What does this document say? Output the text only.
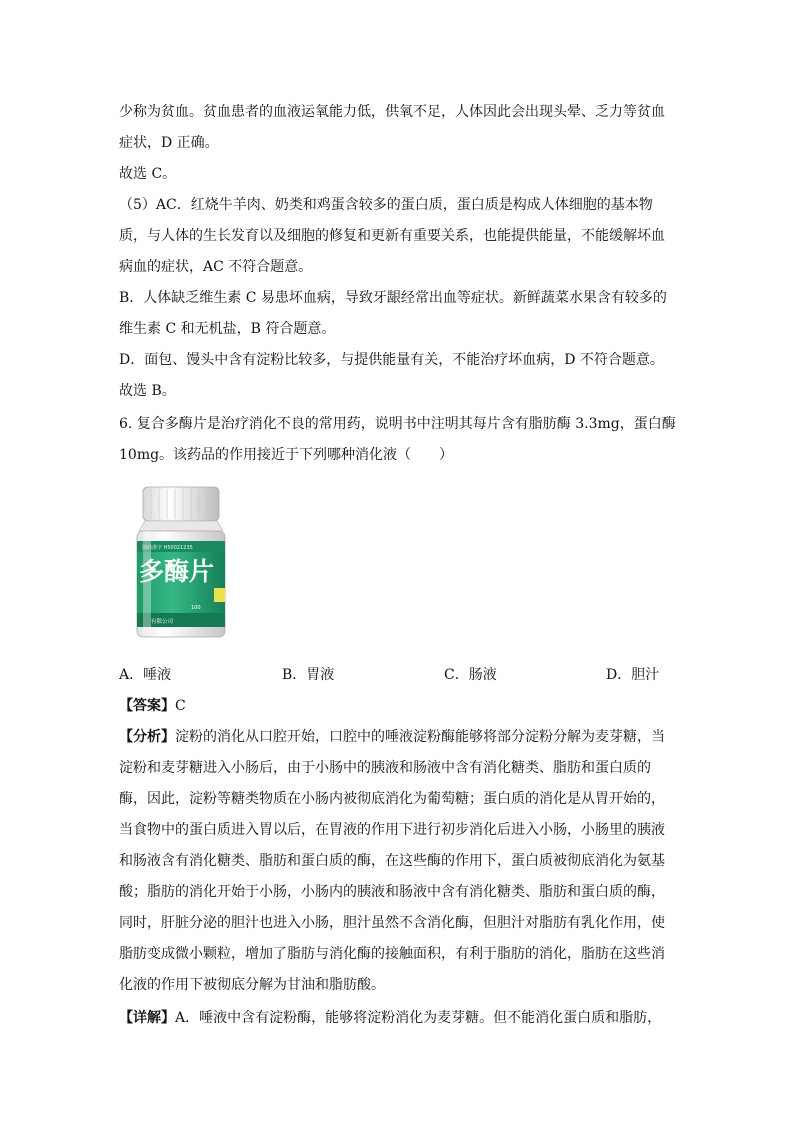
少称为贫血。贫血患者的血液运氧能力低，供氧不足，人体因此会出现头晕、乏力等贫血
症状，D 正确。
故选 C。
（5）AC．红烧牛羊肉、奶类和鸡蛋含较多的蛋白质，蛋白质是构成人体细胞的基本物
质，与人体的生长发育以及细胞的修复和更新有重要关系，也能提供能量，不能缓解坏血
病血的症状，AC 不符合题意。
B．人体缺乏维生素 C 易患坏血病，导致牙龈经常出血等症状。新鲜蔬菜水果含有较多的
维生素 C 和无机盐，B 符合题意。
D．面包、馒头中含有淀粉比较多，与提供能量有关，不能治疗坏血病，D 不符合题意。
故选 B。
6. 复合多酶片是治疗消化不良的常用药，说明书中注明其每片含有脂肪酶 3.3mg，蛋白酶
10mg。该药品的作用接近于下列哪种消化液（　　）
国药准字 H50021235
多酶片
100
有限公司
A．唾液	B．胃液	C．肠液	D．胆汁
【答案】C
【分析】淀粉的消化从口腔开始，口腔中的唾液淀粉酶能够将部分淀粉分解为麦芽糖，当
淀粉和麦芽糖进入小肠后，由于小肠中的胰液和肠液中含有消化糖类、脂肪和蛋白质的
酶，因此，淀粉等糖类物质在小肠内被彻底消化为葡萄糖；蛋白质的消化是从胃开始的，
当食物中的蛋白质进入胃以后，在胃液的作用下进行初步消化后进入小肠，小肠里的胰液
和肠液含有消化糖类、脂肪和蛋白质的酶，在这些酶的作用下，蛋白质被彻底消化为氨基
酸；脂肪的消化开始于小肠，小肠内的胰液和肠液中含有消化糖类、脂肪和蛋白质的酶，
同时，肝脏分泌的胆汁也进入小肠，胆汁虽然不含消化酶，但胆汁对脂肪有乳化作用，使
脂肪变成微小颗粒，增加了脂肪与消化酶的接触面积，有利于脂肪的消化，脂肪在这些消
化液的作用下被彻底分解为甘油和脂肪酸。
【详解】A．唾液中含有淀粉酶，能够将淀粉消化为麦芽糖。但不能消化蛋白质和脂肪，
